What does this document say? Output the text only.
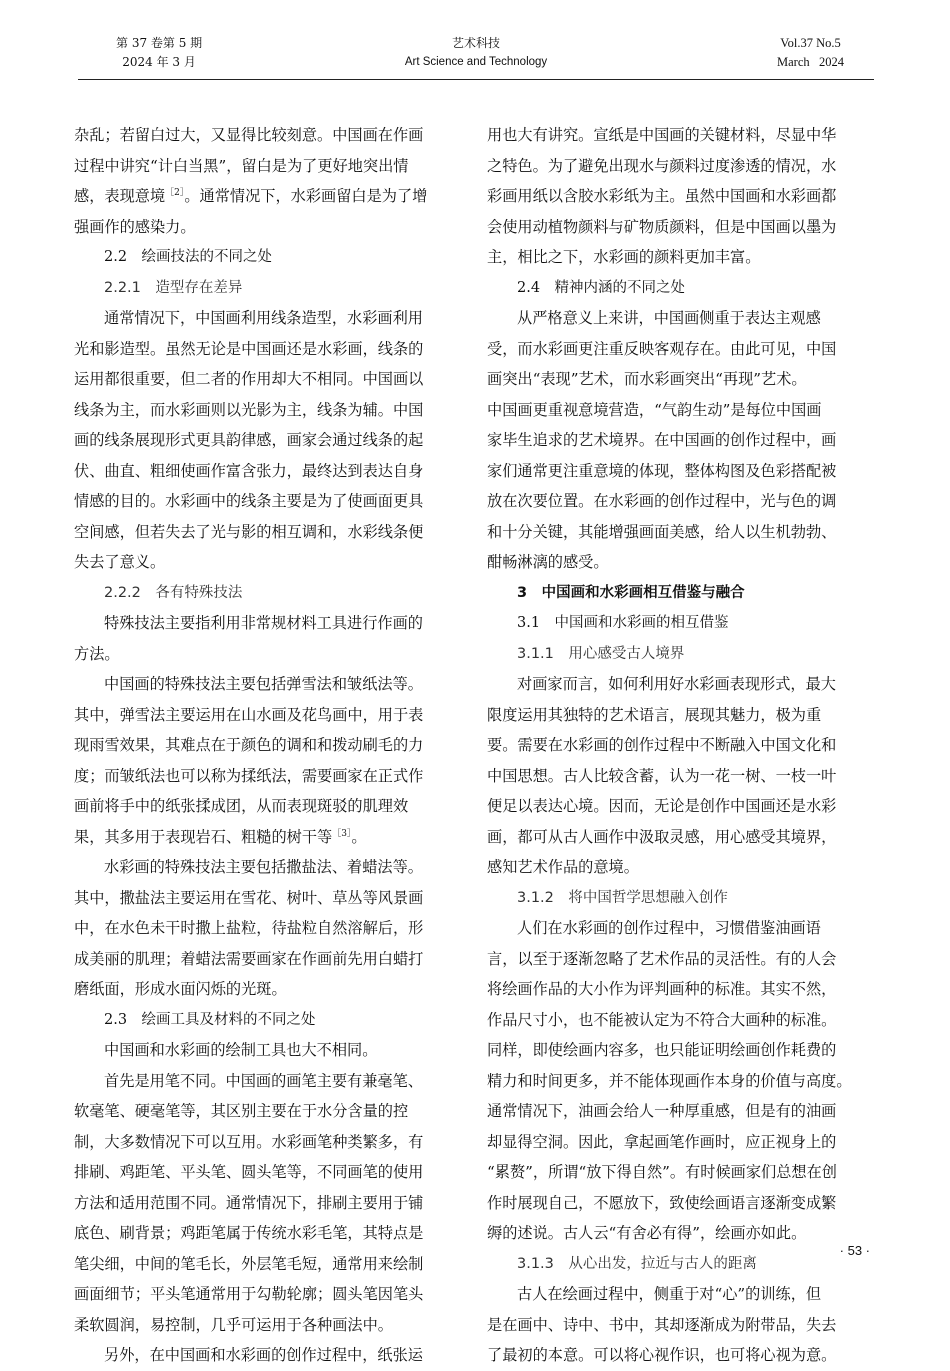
第 37 卷第 5 期
2024 年 3 月
艺术科技
Art Science and Technology
Vol.37 No.5
March   2024

杂乱；若留白过大，又显得比较刻意。中国画在作画

过程中讲究“计白当黑”，留白是为了更好地突出情

感，表现意境$^{[2]}$。通常情况下，水彩画留白是为了增

强画作的感染力。

2.2　绘画技法的不同之处

2.2.1　造型存在差异

通常情况下，中国画利用线条造型，水彩画利用

光和影造型。虽然无论是中国画还是水彩画，线条的

运用都很重要，但二者的作用却大不相同。中国画以

线条为主，而水彩画则以光影为主，线条为辅。中国

画的线条展现形式更具韵律感，画家会通过线条的起

伏、曲直、粗细使画作富含张力，最终达到表达自身

情感的目的。水彩画中的线条主要是为了使画面更具

空间感，但若失去了光与影的相互调和，水彩线条便

失去了意义。

2.2.2　各有特殊技法

特殊技法主要指利用非常规材料工具进行作画的

方法。

中国画的特殊技法主要包括弹雪法和皱纸法等。

其中，弹雪法主要运用在山水画及花鸟画中，用于表

现雨雪效果，其难点在于颜色的调和和拨动刷毛的力

度；而皱纸法也可以称为揉纸法，需要画家在正式作

画前将手中的纸张揉成团，从而表现斑驳的肌理效

果，其多用于表现岩石、粗糙的树干等$^{[3]}$。

水彩画的特殊技法主要包括撒盐法、着蜡法等。

其中，撒盐法主要运用在雪花、树叶、草丛等风景画

中，在水色未干时撒上盐粒，待盐粒自然溶解后，形

成美丽的肌理；着蜡法需要画家在作画前先用白蜡打

磨纸面，形成水面闪烁的光斑。

2.3　绘画工具及材料的不同之处

中国画和水彩画的绘制工具也大不相同。

首先是用笔不同。中国画的画笔主要有兼毫笔、

软毫笔、硬毫笔等，其区别主要在于水分含量的控

制，大多数情况下可以互用。水彩画笔种类繁多，有

排刷、鸡距笔、平头笔、圆头笔等，不同画笔的使用

方法和适用范围不同。通常情况下，排刷主要用于铺

底色、刷背景；鸡距笔属于传统水彩毛笔，其特点是

笔尖细，中间的笔毛长，外层笔毛短，通常用来绘制

画面细节；平头笔通常用于勾勒轮廓；圆头笔因笔头

柔软圆润，易控制，几乎可运用于各种画法中。

另外，在中国画和水彩画的创作过程中，纸张运

用也大有讲究。宣纸是中国画的关键材料，尽显中华

之特色。为了避免出现水与颜料过度渗透的情况，水

彩画用纸以含胶水彩纸为主。虽然中国画和水彩画都

会使用动植物颜料与矿物质颜料，但是中国画以墨为

主，相比之下，水彩画的颜料更加丰富。

2.4　精神内涵的不同之处

从严格意义上来讲，中国画侧重于表达主观感

受，而水彩画更注重反映客观存在。由此可见，中国

画突出“表现”艺术，而水彩画突出“再现”艺术。

中国画更重视意境营造，“气韵生动”是每位中国画

家毕生追求的艺术境界。在中国画的创作过程中，画

家们通常更注重意境的体现，整体构图及色彩搭配被

放在次要位置。在水彩画的创作过程中，光与色的调

和十分关键，其能增强画面美感，给人以生机勃勃、

酣畅淋漓的感受。

3　中国画和水彩画相互借鉴与融合

3.1　中国画和水彩画的相互借鉴

3.1.1　用心感受古人境界

对画家而言，如何利用好水彩画表现形式，最大

限度运用其独特的艺术语言，展现其魅力，极为重

要。需要在水彩画的创作过程中不断融入中国文化和

中国思想。古人比较含蓄，认为一花一树、一枝一叶

便足以表达心境。因而，无论是创作中国画还是水彩

画，都可从古人画作中汲取灵感，用心感受其境界，

感知艺术作品的意境。

3.1.2　将中国哲学思想融入创作

人们在水彩画的创作过程中，习惯借鉴油画语

言，以至于逐渐忽略了艺术作品的灵活性。有的人会

将绘画作品的大小作为评判画种的标准。其实不然，

作品尺寸小，也不能被认定为不符合大画种的标准。

同样，即使绘画内容多，也只能证明绘画创作耗费的

精力和时间更多，并不能体现画作本身的价值与高度。

通常情况下，油画会给人一种厚重感，但是有的油画

却显得空洞。因此，拿起画笔作画时，应正视身上的

“累赘”，所谓“放下得自然”。有时候画家们总想在创

作时展现自己，不愿放下，致使绘画语言逐渐变成繁

缛的述说。古人云“有舍必有得”，绘画亦如此。

3.1.3　从心出发，拉近与古人的距离

古人在绘画过程中，侧重于对“心”的训练，但

是在画中、诗中、书中，其却逐渐成为附带品，失去

了最初的本意。可以将心视作识，也可将心视为意。

· 53 ·
